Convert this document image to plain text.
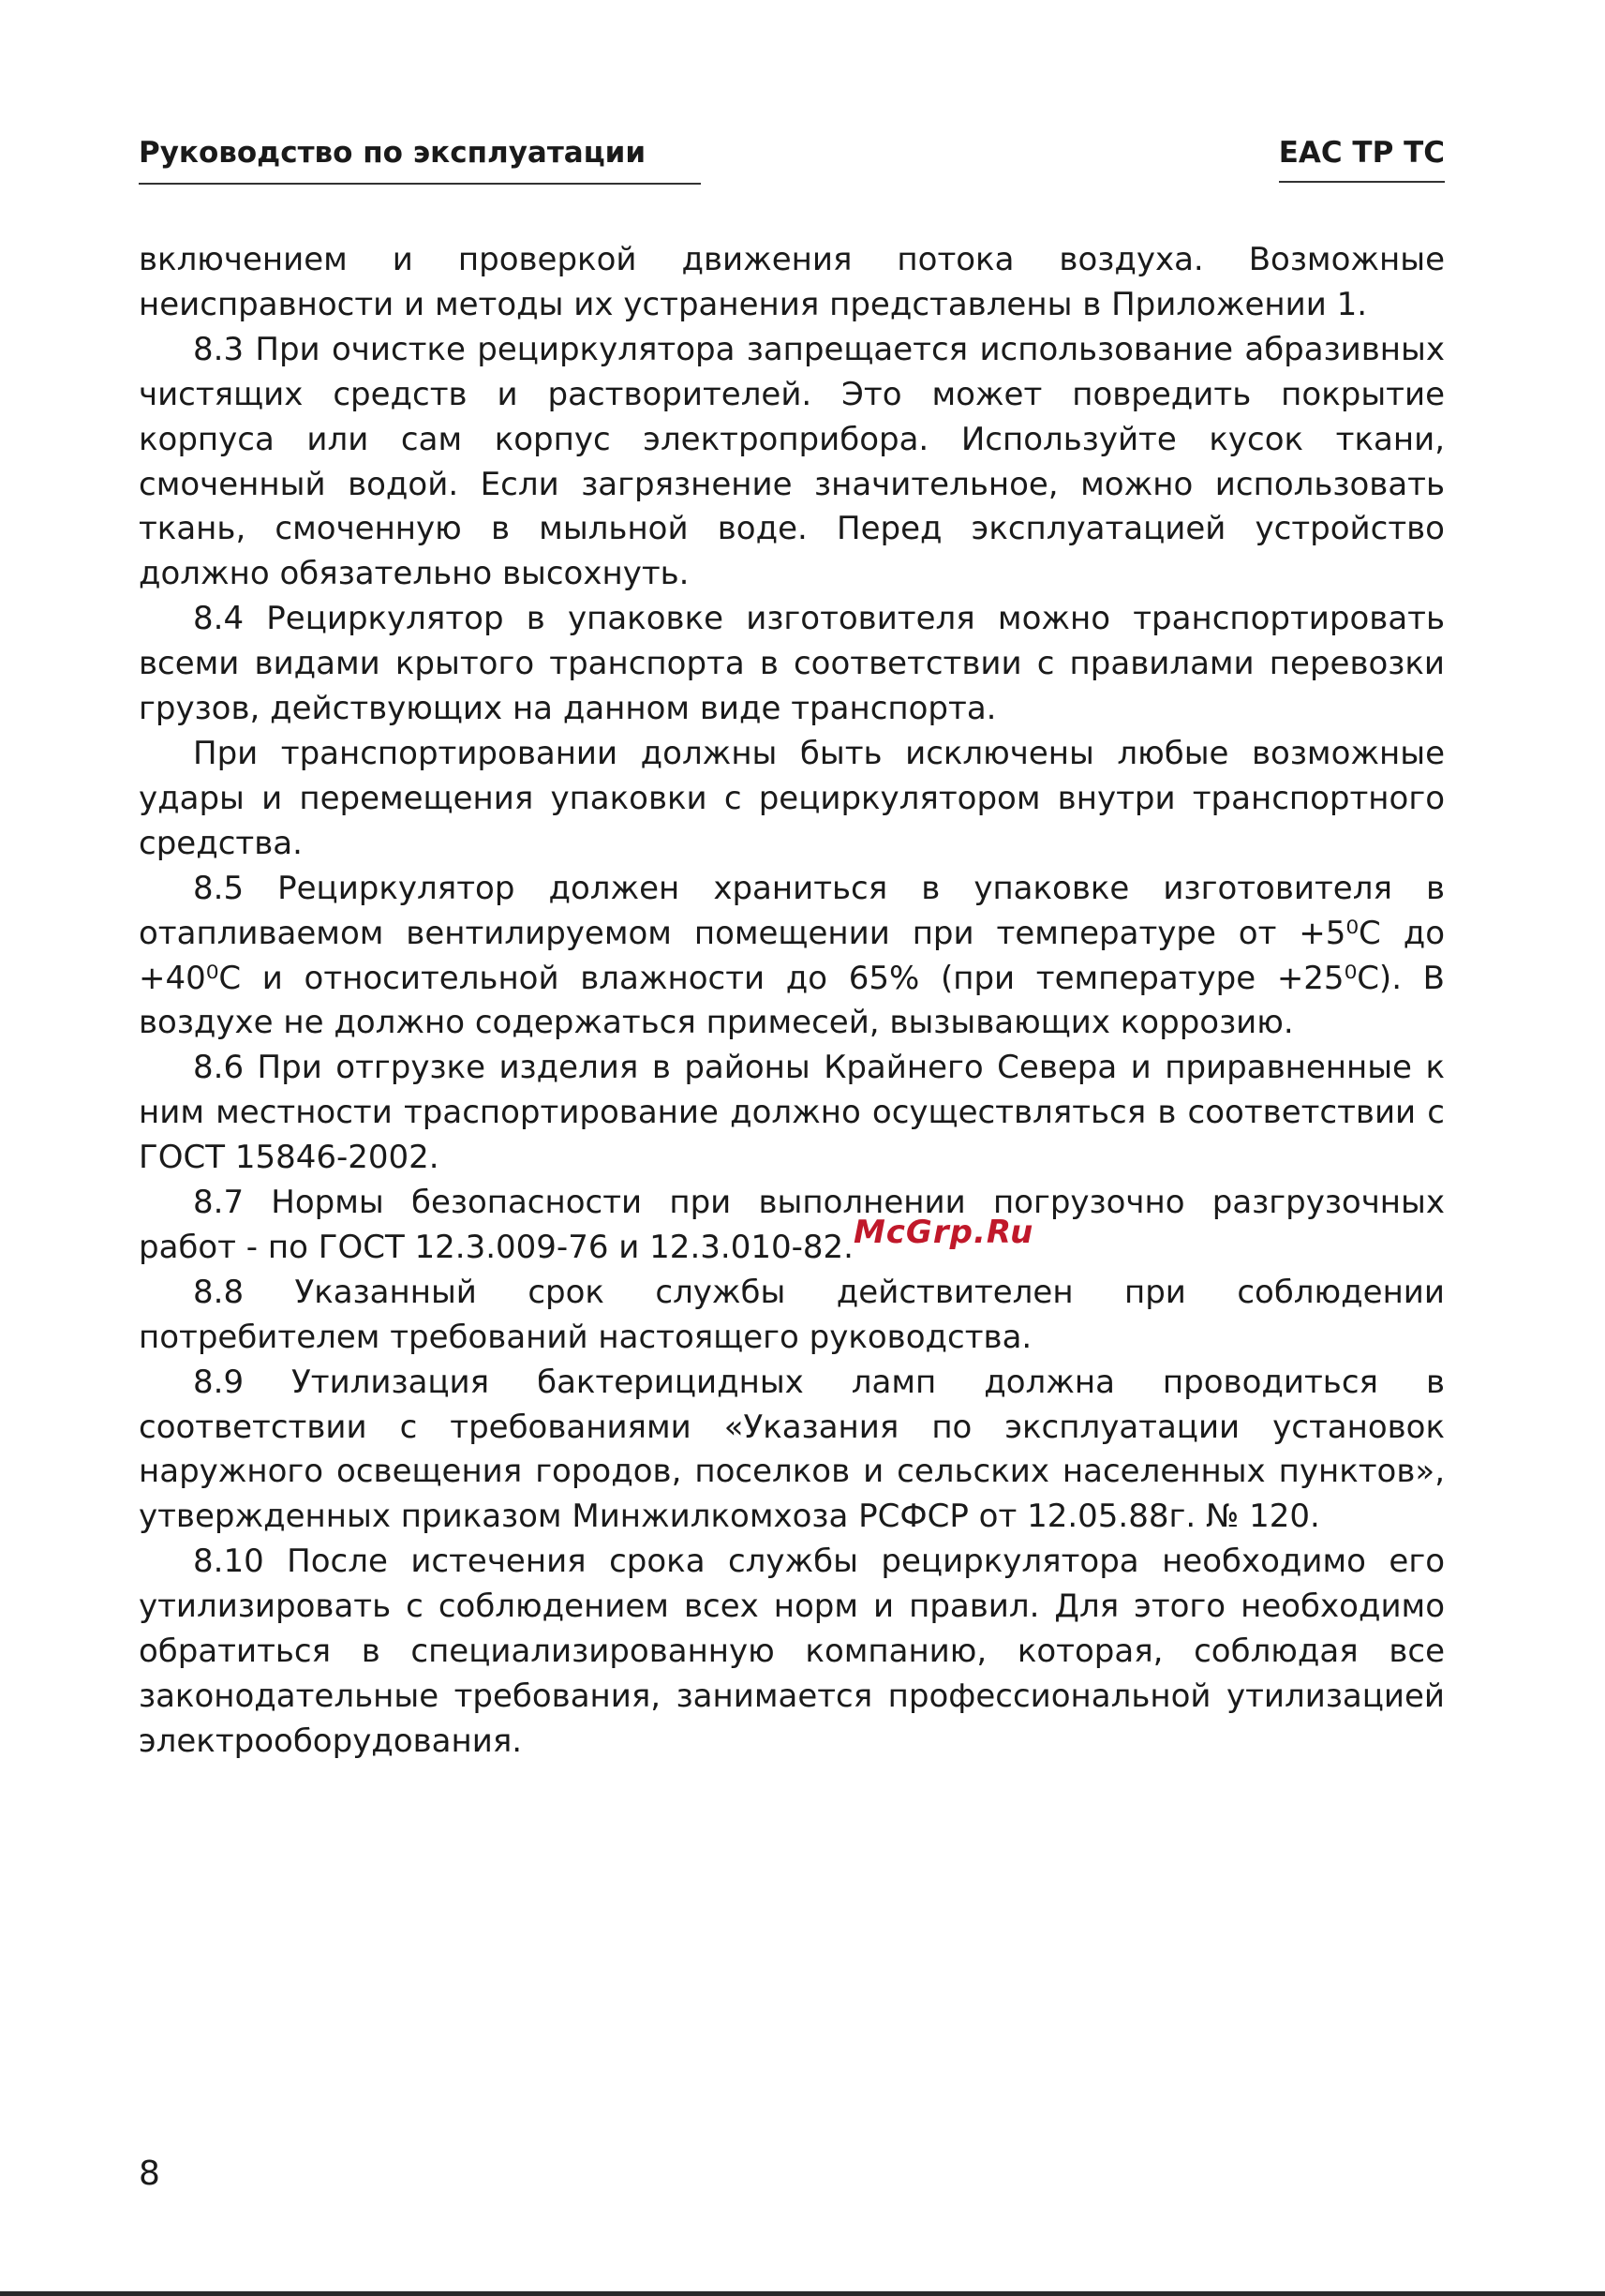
Руководство по эксплуатации	EAC TP TC

включением и проверкой движения потока воздуха. Возможные неисправности и методы их устранения представлены в Приложении 1.

8.3 При очистке рециркулятора запрещается использование абразивных чистящих средств и растворителей. Это может повредить покрытие корпуса или сам корпус электроприбора. Используйте кусок ткани, смоченный водой. Если загрязнение значительное, можно использовать ткань, смоченную в мыльной воде. Перед эксплуатацией устройство должно обязательно высохнуть.

8.4 Рециркулятор в упаковке изготовителя можно транспортировать всеми видами крытого транспорта в соответствии с правилами перевозки грузов, действующих на данном виде транспорта.

При транспортировании должны быть исключены любые возможные удары и перемещения упаковки с рециркулятором внутри транспортного средства.

8.5 Рециркулятор должен храниться в упаковке изготовителя в отапливаемом вентилируемом помещении при температуре от +5⁰С до +40⁰С и относительной влажности до 65% (при температуре +25⁰С). В воздухе не должно содержаться примесей, вызывающих коррозию.

8.6 При отгрузке изделия в районы Крайнего Севера и приравненные к ним местности траспортирование должно осуществляться в соответствии с ГОСТ 15846-2002.

8.7 Нормы безопасности при выполнении погрузочно разгрузочных работ - по ГОСТ 12.3.009-76 и 12.3.010-82.McGrp.Ru

8.8 Указанный срок службы действителен при соблюдении потребителем требований настоящего руководства.

8.9 Утилизация бактерицидных ламп должна проводиться в соответствии с требованиями «Указания по эксплуатации установок наружного освещения городов, поселков и сельских населенных пунктов», утвержденных приказом Минжилкомхоза РСФСР от 12.05.88г. № 120.

8.10 После истечения срока службы рециркулятора необходимо его утилизировать с соблюдением всех норм и правил. Для этого необходимо обратиться в специализированную компанию, которая, соблюдая все законодательные требования, занимается профессиональной утилизацией электрооборудования.

8
